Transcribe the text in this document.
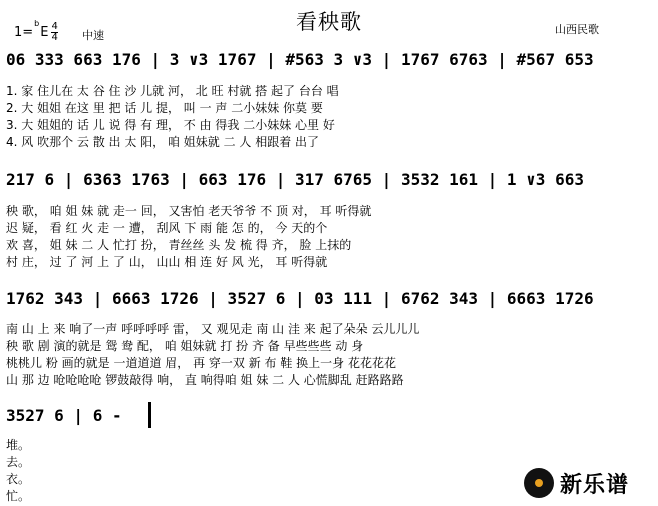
看秧歌
$1=^bE \frac{4}{4}$ 中速	山西民歌
06 333 663 176 | 3 ∨3 1767 | #563 3 ∨3 | 1767 6763 | #567 653
1. 家 住儿在 太 谷 住 沙 儿就 河， 北 旺 村就 搭 起了 台台 唱
2. 大 姐姐 在这 里 把 话 儿 提， 叫 一 声 二小妹妹 你莫 要
3. 大 姐姐的 话 儿 说 得 有 理， 不 由 得我 二小妹妹 心里 好
4. 风 吹那个 云 散 出 太 阳， 咱 姐妹就 二 人 相跟着 出了
217 6 | 6363 1763 | 663 176 | 317 6765 | 3532 161 | 1 ∨3 663
秧 歌， 咱 姐 妹 就 走一 回， 又害怕 老天爷爷 不 顶 对， 耳 听得就
迟 疑， 看 红 火 走 一 遭， 刮风 下 雨 能 怎 的， 今 天的个
欢 喜， 姐 妹 二 人 忙打 扮， 青丝丝 头 发 梳 得 齐， 脸 上抹的
村 庄， 过 了 河 上 了 山， 山山 相 连 好 风 光， 耳 听得就
1762 343 | 6663 1726 | 3527 6 | 03 111 | 6762 343 | 6663 1726
南 山 上 来 响了一声 呼呼呼呼 雷， 又 观见走 南 山 洼 来 起了朵朵 云儿儿儿
秧 歌 剧 演的就是 鸳 鸯 配， 咱 姐妹就 打 扮 齐 备 早些些些 动 身
桃桃儿 粉 画的就是 一道道道 眉， 再 穿一双 新 布 鞋 换上一身 花花花花
山 那 边 呛呛呛呛 锣鼓敲得 响， 直 响得咱 姐 妹 二 人 心慌脚乱 赶路路路
3527 6 | 6 -
堆。
去。
衣。
忙。	新乐谱
